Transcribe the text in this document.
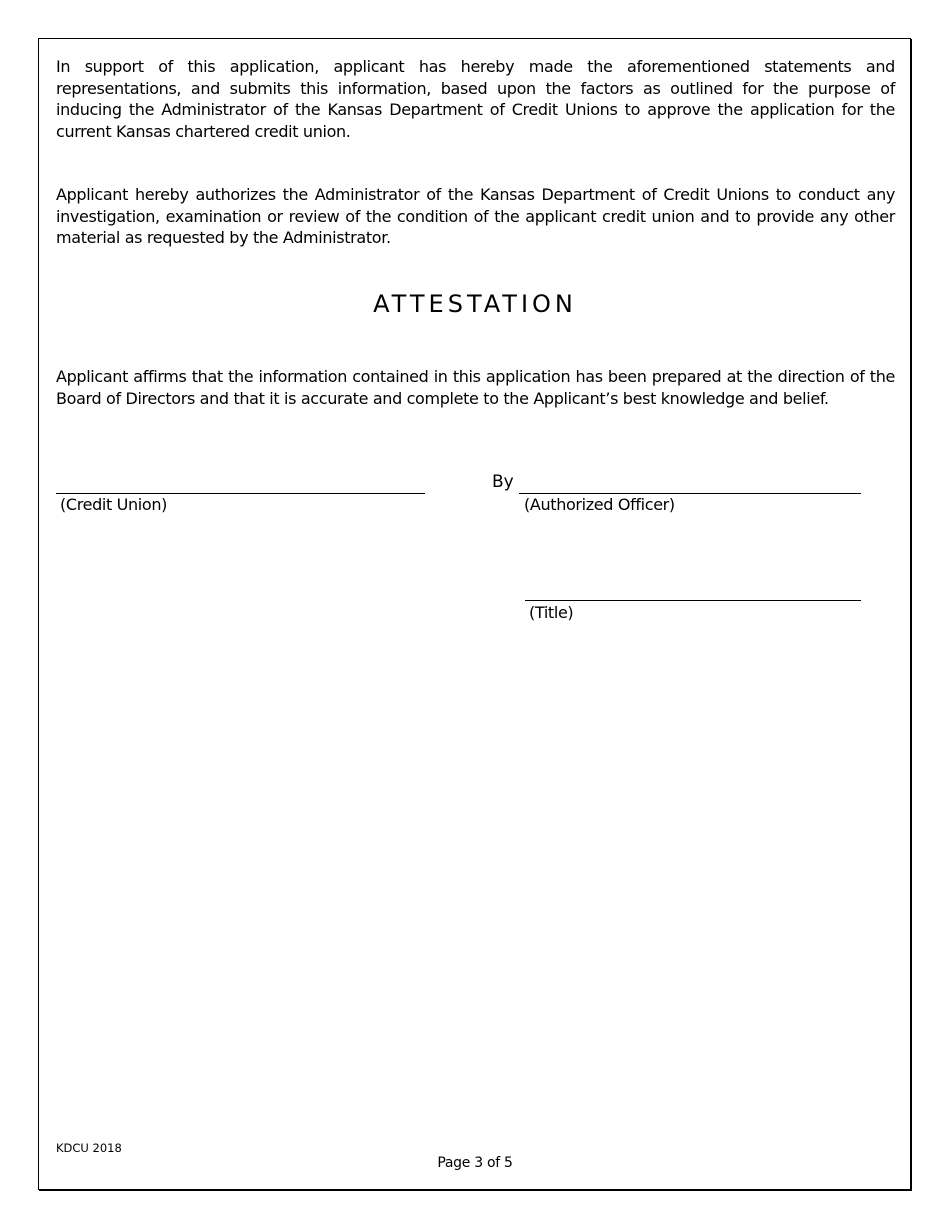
In support of this application, applicant has hereby made the aforementioned statements and representations, and submits this information, based upon the factors as outlined for the purpose of inducing the Administrator of the Kansas Department of Credit Unions to approve the application for the current Kansas chartered credit union.

Applicant hereby authorizes the Administrator of the Kansas Department of Credit Unions to conduct any investigation, examination or review of the condition of the applicant credit union and to provide any other material as requested by the Administrator.

ATTESTATION

Applicant affirms that the information contained in this application has been prepared at the direction of the Board of Directors and that it is accurate and complete to the Applicant’s best knowledge and belief.

(Credit Union)
By
(Authorized Officer)
(Title)
KDCU 2018
Page 3 of 5
